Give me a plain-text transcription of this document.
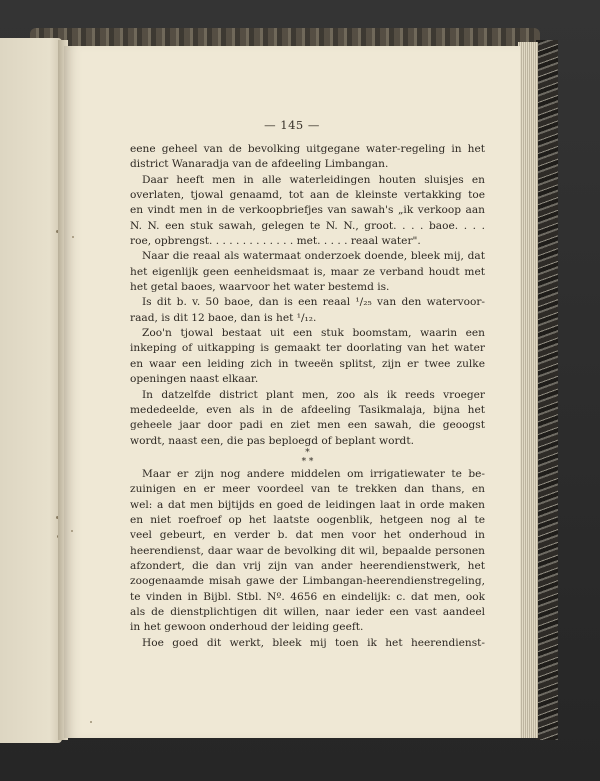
— 145 —
eene geheel van de bevolking uitgegane water-regeling in het
district Wanaradja van de afdeeling Limbangan.
Daar heeft men in alle waterleidingen houten sluisjes en
overlaten, tjowal genaamd, tot aan de kleinste vertakking toe
en vindt men in de verkoopbriefjes van sawah's „ik verkoop aan
N. N. een stuk sawah, gelegen te N. N., groot. . . . baoe. . . .
roe, opbrengst. . . . . . . . . . . . . met. . . . . reaal water".
Naar die reaal als watermaat onderzoek doende, bleek mij, dat
het eigenlijk geen eenheidsmaat is, maar ze verband houdt met
het getal baoes, waarvoor het water bestemd is.
Is dit b. v. 50 baoe, dan is een reaal ¹/₂₅ van den watervoor-
raad, is dit 12 baoe, dan is het ¹/₁₂.
Zoo'n tjowal bestaat uit een stuk boomstam, waarin een
inkeping of uitkapping is gemaakt ter doorlating van het water
en waar een leiding zich in tweeën splitst, zijn er twee zulke
openingen naast elkaar.
In datzelfde district plant men, zoo als ik reeds vroeger
mededeelde, even als in de afdeeling Tasikmalaja, bijna het
geheele jaar door padi en ziet men een sawah, die geoogst
wordt, naast een, die pas beploegd of beplant wordt.
*
* *
Maar er zijn nog andere middelen om irrigatiewater te be-
zuinigen en er meer voordeel van te trekken dan thans, en
wel: a dat men bijtijds en goed de leidingen laat in orde maken
en niet roefroef op het laatste oogenblik, hetgeen nog al te
veel gebeurt, en verder b. dat men voor het onderhoud in
heerendienst, daar waar de bevolking dit wil, bepaalde personen
afzondert, die dan vrij zijn van ander heerendienstwerk, het
zoogenaamde misah gawe der Limbangan-heerendienstregeling,
te vinden in Bijbl. Stbl. Nº. 4656 en eindelijk: c. dat men, ook
als de dienstplichtigen dit willen, naar ieder een vast aandeel
in het gewoon onderhoud der leiding geeft.
Hoe goed dit werkt, bleek mij toen ik het heerendienst-
